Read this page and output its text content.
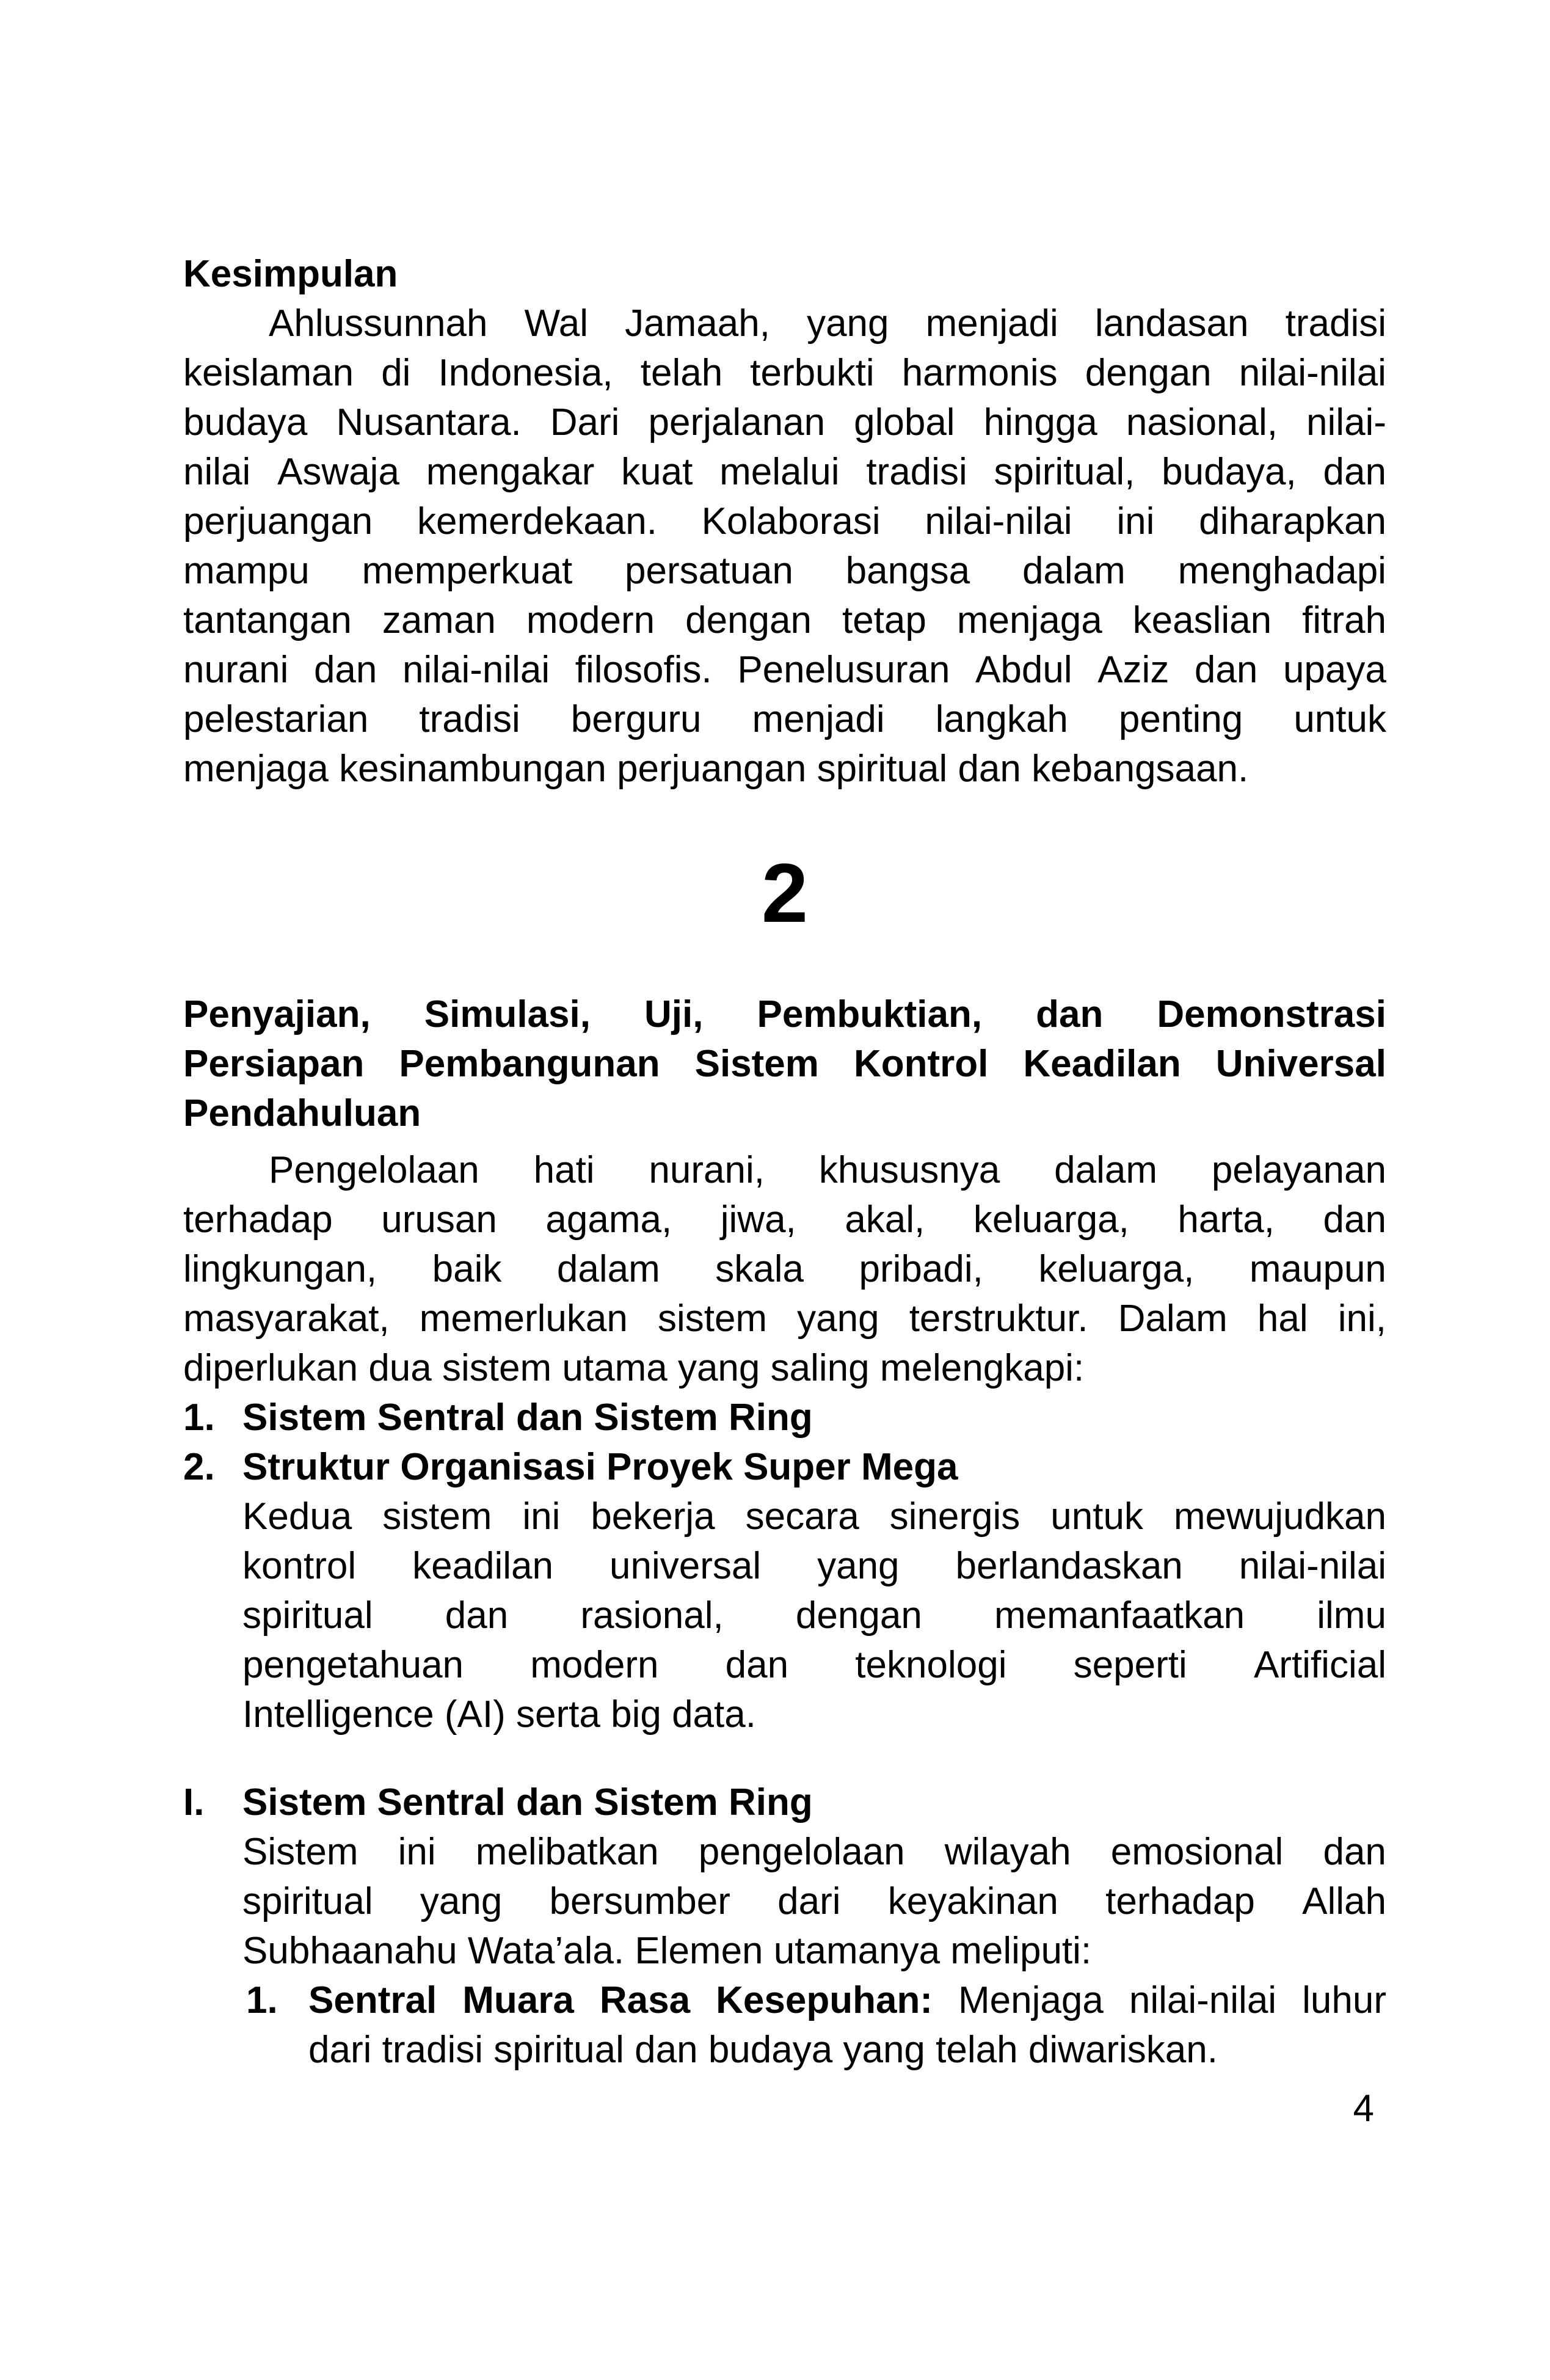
Kesimpulan
Ahlussunnah Wal Jamaah, yang menjadi landasan tradisi
keislaman di Indonesia, telah terbukti harmonis dengan nilai-nilai
budaya Nusantara. Dari perjalanan global hingga nasional, nilai-
nilai Aswaja mengakar kuat melalui tradisi spiritual, budaya, dan
perjuangan kemerdekaan. Kolaborasi nilai-nilai ini diharapkan
mampu memperkuat persatuan bangsa dalam menghadapi
tantangan zaman modern dengan tetap menjaga keaslian fitrah
nurani dan nilai-nilai filosofis. Penelusuran Abdul Aziz dan upaya
pelestarian tradisi berguru menjadi langkah penting untuk
menjaga kesinambungan perjuangan spiritual dan kebangsaan.
2
Penyajian, Simulasi, Uji, Pembuktian, dan Demonstrasi
Persiapan Pembangunan Sistem Kontrol Keadilan Universal
Pendahuluan
Pengelolaan hati nurani, khususnya dalam pelayanan
terhadap urusan agama, jiwa, akal, keluarga, harta, dan
lingkungan, baik dalam skala pribadi, keluarga, maupun
masyarakat, memerlukan sistem yang terstruktur. Dalam hal ini,
diperlukan dua sistem utama yang saling melengkapi:
1. Sistem Sentral dan Sistem Ring
2. Struktur Organisasi Proyek Super Mega
Kedua sistem ini bekerja secara sinergis untuk mewujudkan
kontrol keadilan universal yang berlandaskan nilai-nilai
spiritual dan rasional, dengan memanfaatkan ilmu
pengetahuan modern dan teknologi seperti Artificial
Intelligence (AI) serta big data.
I.	Sistem Sentral dan Sistem Ring
Sistem ini melibatkan pengelolaan wilayah emosional dan
spiritual yang bersumber dari keyakinan terhadap Allah
Subhaanahu Wata’ala. Elemen utamanya meliputi:
1. Sentral Muara Rasa Kesepuhan: Menjaga nilai-nilai luhur
dari tradisi spiritual dan budaya yang telah diwariskan.
4
